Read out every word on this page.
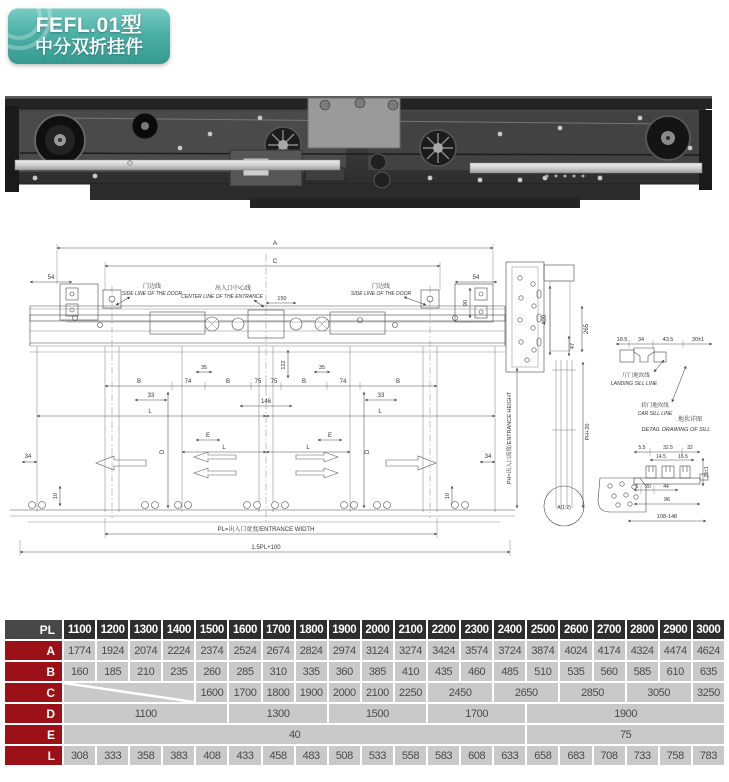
FEFL.01型
中分双折挂件
A
C
54	54
90
门边线
SIDE LINE OF THE DOOR
出入口中心线
CENTER LINE OF THE ENTRANCE
门边线
SIDE LINE OF THE DOOR
150
35	35
122
B	74	B	75 75	B	74	B
33
146
33
L	L
E	E
L	L
D	D
34	34
10	10
PL=出入口宽度/ENTRANCE WIDTH
1.5PL+100
400
265
47
PH=出入口高度/ENTRANCE HEIGHT	PH+20
A(1:2)
18.5 34	43.5	30±1
厅门地坎线
LANDING SILL LINE
轿门地坎线
CAR SILL LINE
地坎详图
DETAIL DRAWING OF SILL
5.5	32.5	32
14.5 16.5
25±1
5 20 44
96
108-148
PL	1100	1200	1300	1400	1500	1600	1700	1800	1900	2000	2100	2200	2300	2400	2500	2600	2700	2800	2900	3000
A	1774	1924	2074	2224	2374	2524	2674	2824	2974	3124	3274	3424	3574	3724	3874	4024	4174	4324	4474	4624
B	160	185	210	235	260	285	310	335	360	385	410	435	460	485	510	535	560	585	610	635
C					1600	1700	1800	1900	2000	2100	2250	2450		2650		2850		3050		3250
D	1100					1300			1500			1700			1900					
E	40														75					
L	308	333	358	383	408	433	458	483	508	533	558	583	608	633	658	683	708	733	758	783
